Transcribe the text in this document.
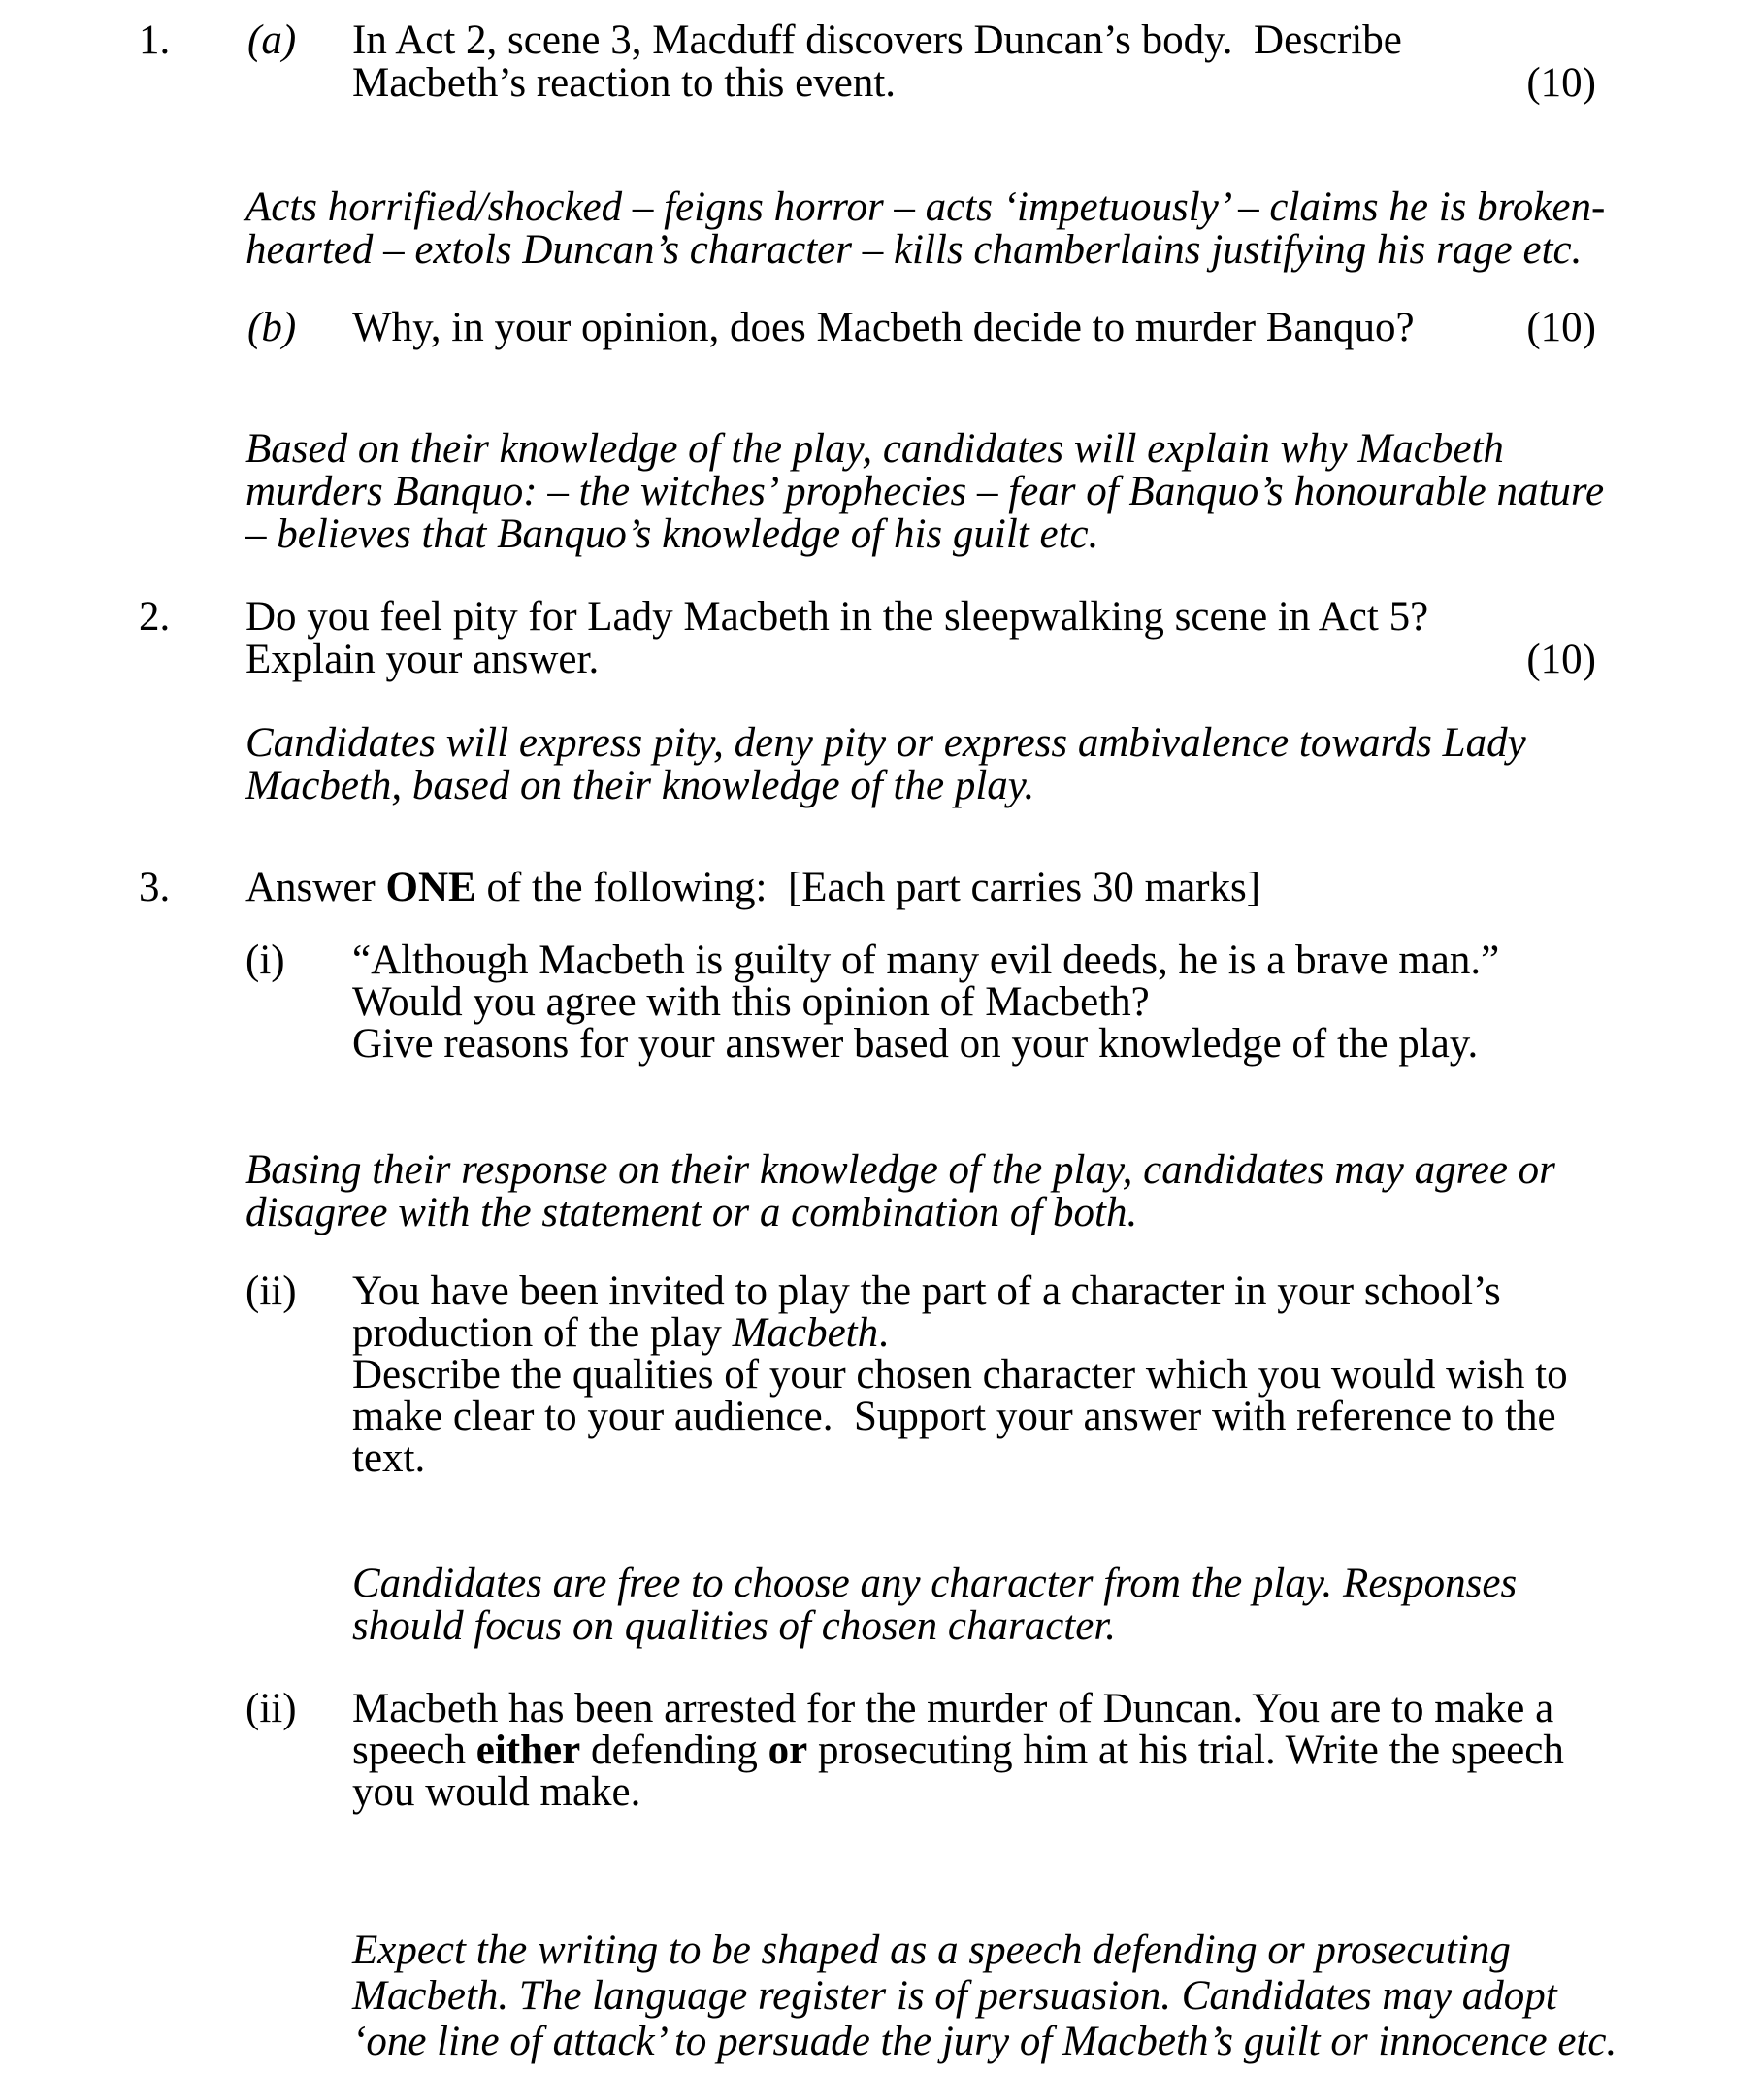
1. (a) In Act 2, scene 3, Macduff discovers Duncan’s body.  Describe
Macbeth’s reaction to this event.	(10)
Acts horrified/shocked – feigns horror – acts ‘impetuously’ – claims he is broken-
hearted – extols Duncan’s character – kills chamberlains justifying his rage etc.
(b) Why, in your opinion, does Macbeth decide to murder Banquo?	(10)
Based on their knowledge of the play, candidates will explain why Macbeth
murders Banquo: – the witches’ prophecies – fear of Banquo’s honourable nature
– believes that Banquo’s knowledge of his guilt etc.
2. Do you feel pity for Lady Macbeth in the sleepwalking scene in Act 5?
Explain your answer.	(10)
Candidates will express pity, deny pity or express ambivalence towards Lady
Macbeth, based on their knowledge of the play.
3. Answer ONE of the following:  [Each part carries 30 marks]
(i) “Although Macbeth is guilty of many evil deeds, he is a brave man.”
Would you agree with this opinion of Macbeth?
Give reasons for your answer based on your knowledge of the play.
Basing their response on their knowledge of the play, candidates may agree or
disagree with the statement or a combination of both.
(ii) You have been invited to play the part of a character in your school’s
production of the play Macbeth.
Describe the qualities of your chosen character which you would wish to
make clear to your audience.  Support your answer with reference to the
text.
Candidates are free to choose any character from the play. Responses
should focus on qualities of chosen character.
(ii) Macbeth has been arrested for the murder of Duncan. You are to make a
speech either defending or prosecuting him at his trial. Write the speech
you would make.
Expect the writing to be shaped as a speech defending or prosecuting
Macbeth. The language register is of persuasion. Candidates may adopt
‘one line of attack’ to persuade the jury of Macbeth’s guilt or innocence etc.
